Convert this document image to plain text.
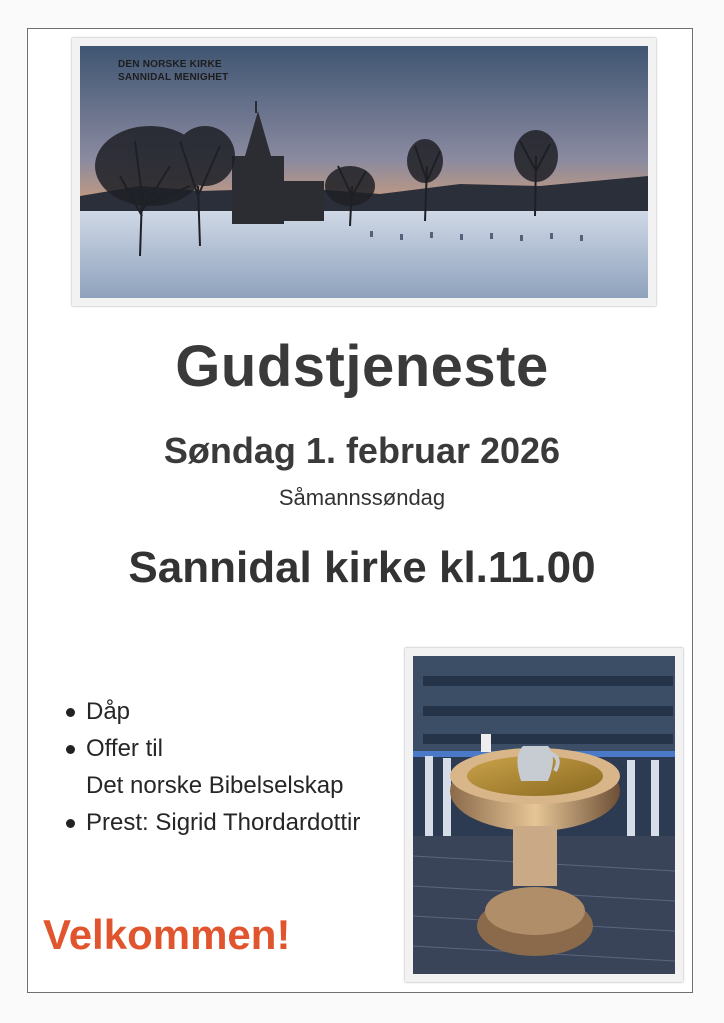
DEN NORSKE KIRKE
SANNIDAL MENIGHET
Gudstjeneste
Søndag 1. februar 2026
Såmannssøndag
Sannidal kirke kl.11.00
Dåp
Offer til
Det norske Bibelselskap
Prest: Sigrid Thordardottir
Velkommen!
